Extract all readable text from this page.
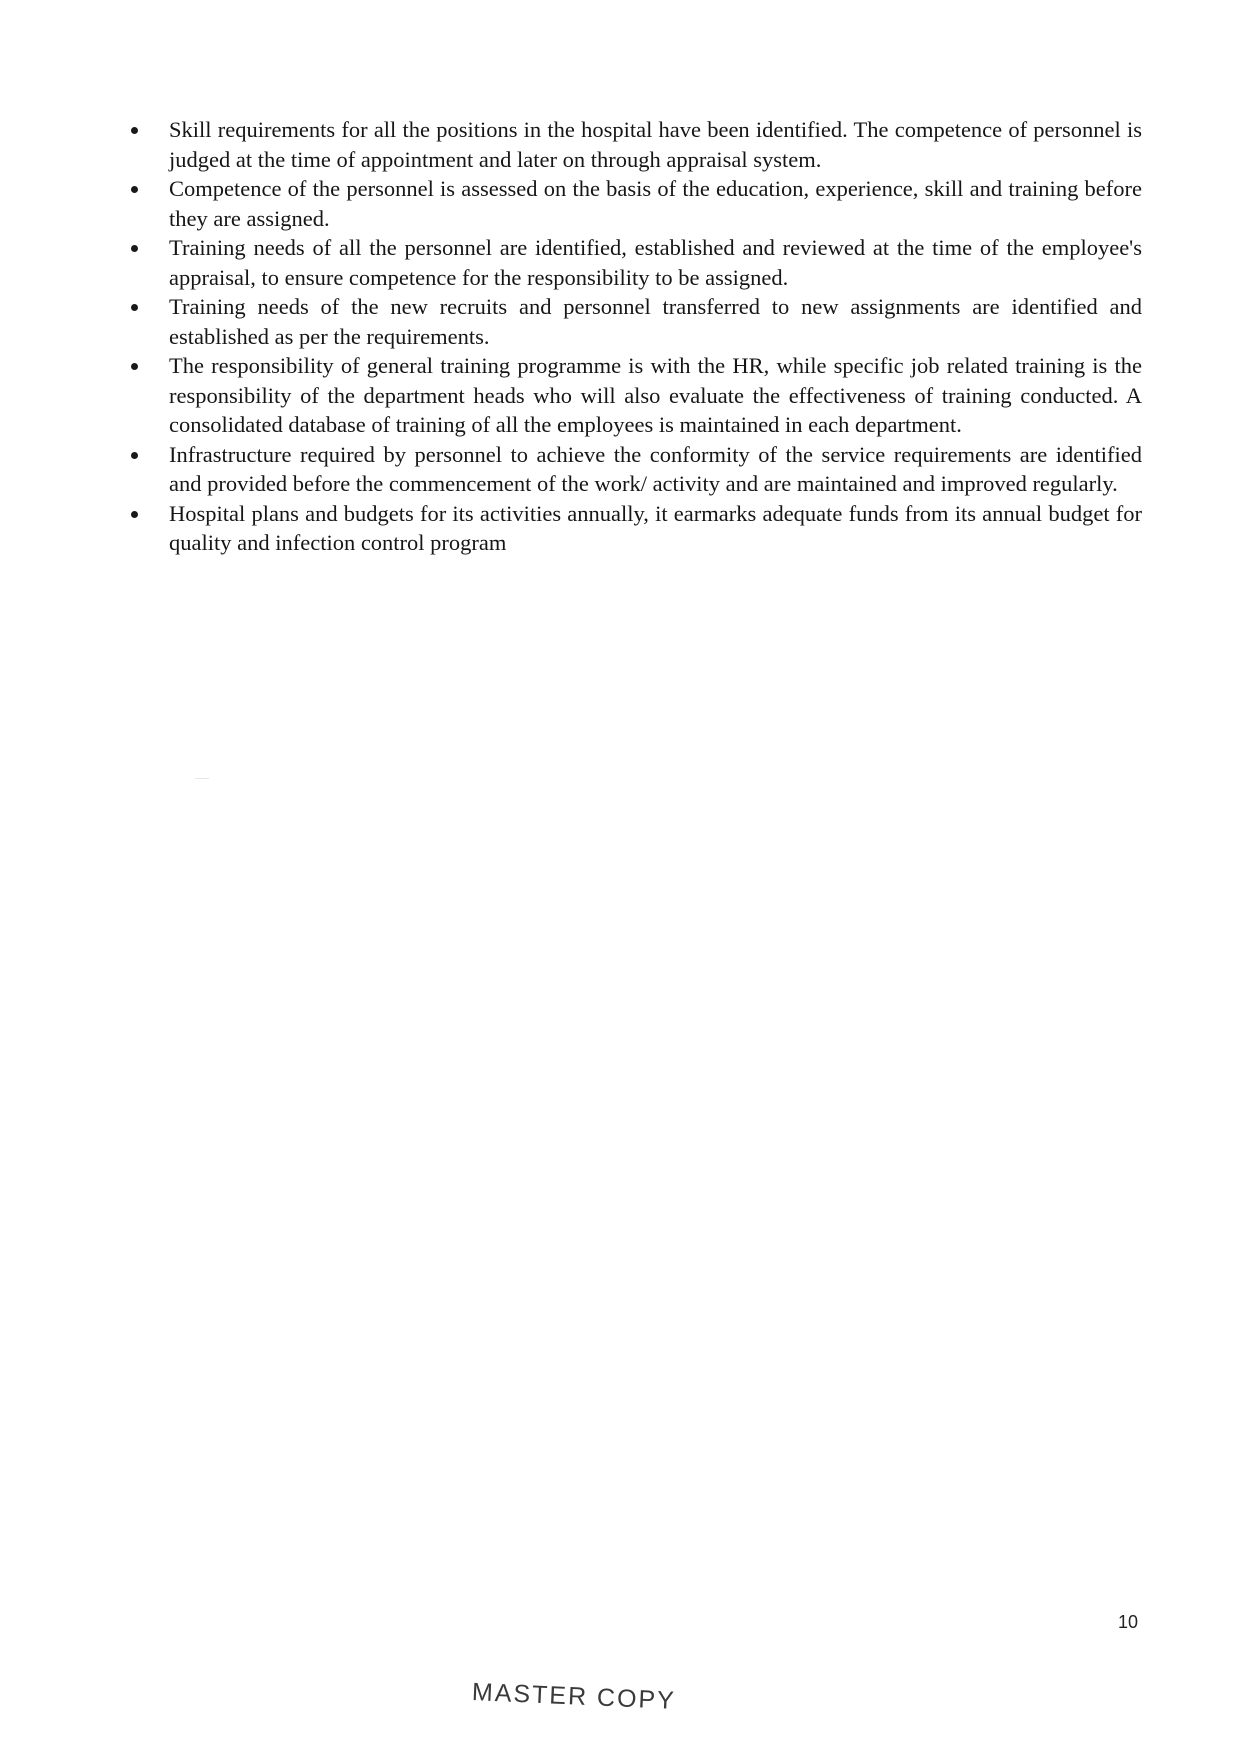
Skill requirements for all the positions in the hospital have been identified. The competence of personnel is judged at the time of appointment and later on through appraisal system.
Competence of the personnel is assessed on the basis of the education, experience, skill and training before they are assigned.
Training needs of all the personnel are identified, established and reviewed at the time of the employee's appraisal, to ensure competence for the responsibility to be assigned.
Training needs of the new recruits and personnel transferred to new assignments are identified and established as per the requirements.
The responsibility of general training programme is with the HR, while specific job related training is the responsibility of the department heads who will also evaluate the effectiveness of training conducted. A consolidated database of training of all the employees is maintained in each department.
Infrastructure required by personnel to achieve the conformity of the service requirements are identified and provided before the commencement of the work/ activity and are maintained and improved regularly.
Hospital plans and budgets for its activities annually, it earmarks adequate funds from its annual budget for quality and infection control program
10
MASTER COPY
